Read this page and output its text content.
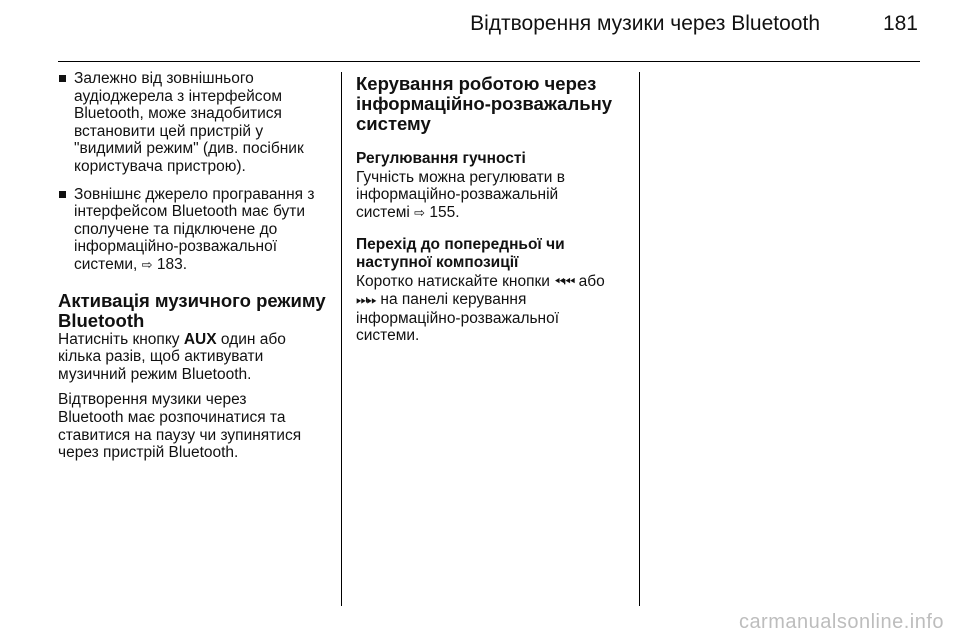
Відтворення музики через Bluetooth	181
Залежно від зовнішнього
аудіоджерела з інтерфейсом
Bluetooth, може знадобитися
встановити цей пристрій у
"видимий режим" (див. посібник
користувача пристрою).
Зовнішнє джерело програвання з
інтерфейсом Bluetooth має бути
сполучене та підключене до
інформаційно-розважальної
системи, ⇨ 183.
Активація музичного режиму
Bluetooth

Натисніть кнопку AUX один або
кілька разів, щоб активувати
музичний режим Bluetooth.

Відтворення музики через
Bluetooth має розпочинатися та
ставитися на паузу чи зупинятися
через пристрій Bluetooth.

Керування роботою через
інформаційно-розважальну
систему
Регулювання гучності

Гучність можна регулювати в
інформаційно-розважальній
системі ⇨ 155.

Перехід до попередньої чи
наступної композиції

Коротко натискайте кнопки ⏪︎⏮︎ або
⏭︎⏩︎ на панелі керування
інформаційно-розважальної
системи.

carmanualsonline.info
